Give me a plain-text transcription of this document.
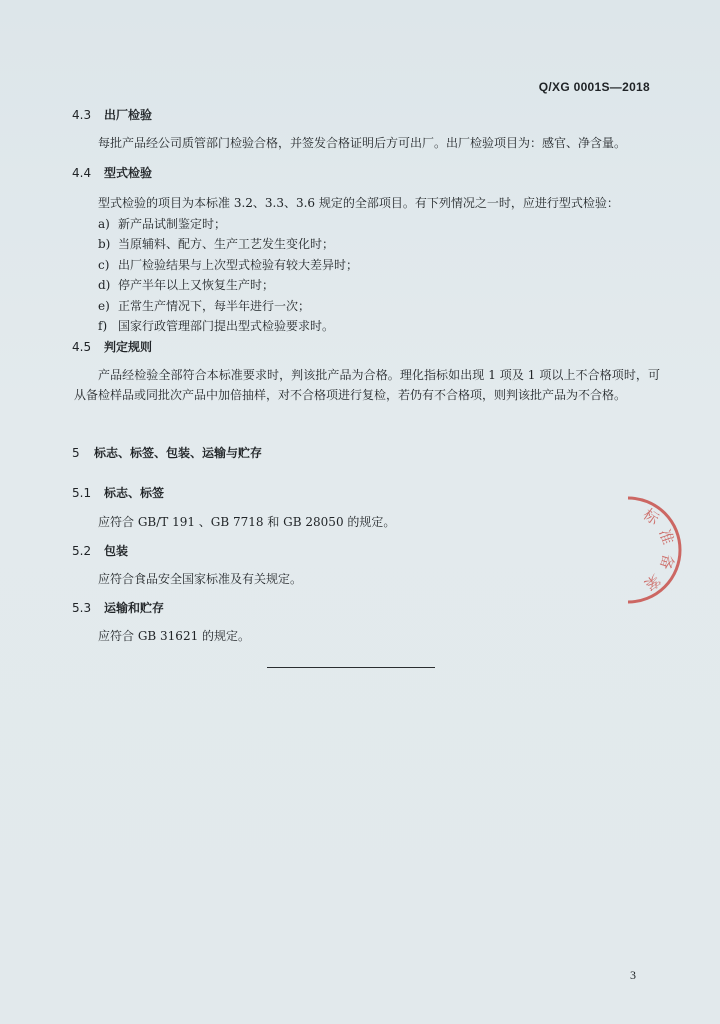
Q/XG 0001S—2018
4.3 出厂检验
每批产品经公司质管部门检验合格，并签发合格证明后方可出厂。出厂检验项目为：感官、净含量。
4.4 型式检验
型式检验的项目为本标准 3.2、3.3、3.6 规定的全部项目。有下列情况之一时，应进行型式检验：
a) 新产品试制鉴定时；
b) 当原辅料、配方、生产工艺发生变化时；
c) 出厂检验结果与上次型式检验有较大差异时；
d) 停产半年以上又恢复生产时；
e) 正常生产情况下，每半年进行一次；
f) 国家行政管理部门提出型式检验要求时。
4.5 判定规则
产品经检验全部符合本标准要求时，判该批产品为合格。理化指标如出现 1 项及 1 项以上不合格项时，可从备检样品或同批次产品中加倍抽样，对不合格项进行复检，若仍有不合格项，则判该批产品为不合格。
5 标志、标签、包装、运输与贮存
5.1 标志、标签
应符合 GB/T 191 、GB 7718 和 GB 28050 的规定。
5.2 包装
应符合食品安全国家标准及有关规定。
5.3 运输和贮存
应符合 GB 31621 的规定。
标
准
备
案
3
